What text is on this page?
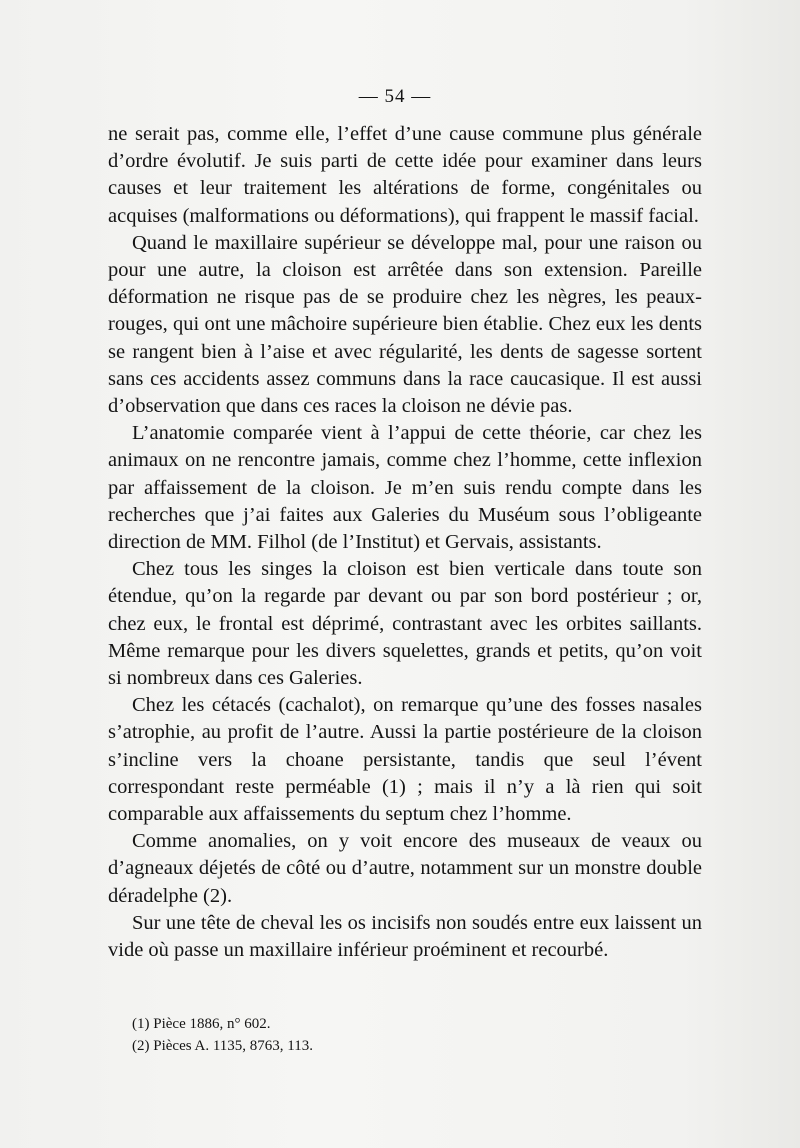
— 54 —

ne serait pas, comme elle, l’effet d’une cause commune plus générale d’ordre évolutif. Je suis parti de cette idée pour examiner dans leurs causes et leur traitement les altérations de forme, congénitales ou acquises (malformations ou déformations), qui frappent le massif facial.

Quand le maxillaire supérieur se développe mal, pour une raison ou pour une autre, la cloison est arrêtée dans son extension. Pareille déformation ne risque pas de se produire chez les nègres, les peaux-rouges, qui ont une mâchoire supérieure bien établie. Chez eux les dents se rangent bien à l’aise et avec régularité, les dents de sagesse sortent sans ces accidents assez communs dans la race caucasique. Il est aussi d’observation que dans ces races la cloison ne dévie pas.

L’anatomie comparée vient à l’appui de cette théorie, car chez les animaux on ne rencontre jamais, comme chez l’homme, cette inflexion par affaissement de la cloison. Je m’en suis rendu compte dans les recherches que j’ai faites aux Galeries du Muséum sous l’obligeante direction de MM. Filhol (de l’Institut) et Gervais, assistants.

Chez tous les singes la cloison est bien verticale dans toute son étendue, qu’on la regarde par devant ou par son bord postérieur ; or, chez eux, le frontal est déprimé, contrastant avec les orbites saillants. Même remarque pour les divers squelettes, grands et petits, qu’on voit si nombreux dans ces Galeries.

Chez les cétacés (cachalot), on remarque qu’une des fosses nasales s’atrophie, au profit de l’autre. Aussi la partie postérieure de la cloison s’incline vers la choane persistante, tandis que seul l’évent correspondant reste perméable (1) ; mais il n’y a là rien qui soit comparable aux affaissements du septum chez l’homme.

Comme anomalies, on y voit encore des museaux de veaux ou d’agneaux déjetés de côté ou d’autre, notamment sur un monstre double déradelphe (2).

Sur une tête de cheval les os incisifs non soudés entre eux laissent un vide où passe un maxillaire inférieur proéminent et recourbé.

(1) Pièce 1886, n° 602.
(2) Pièces A. 1135, 8763, 113.
